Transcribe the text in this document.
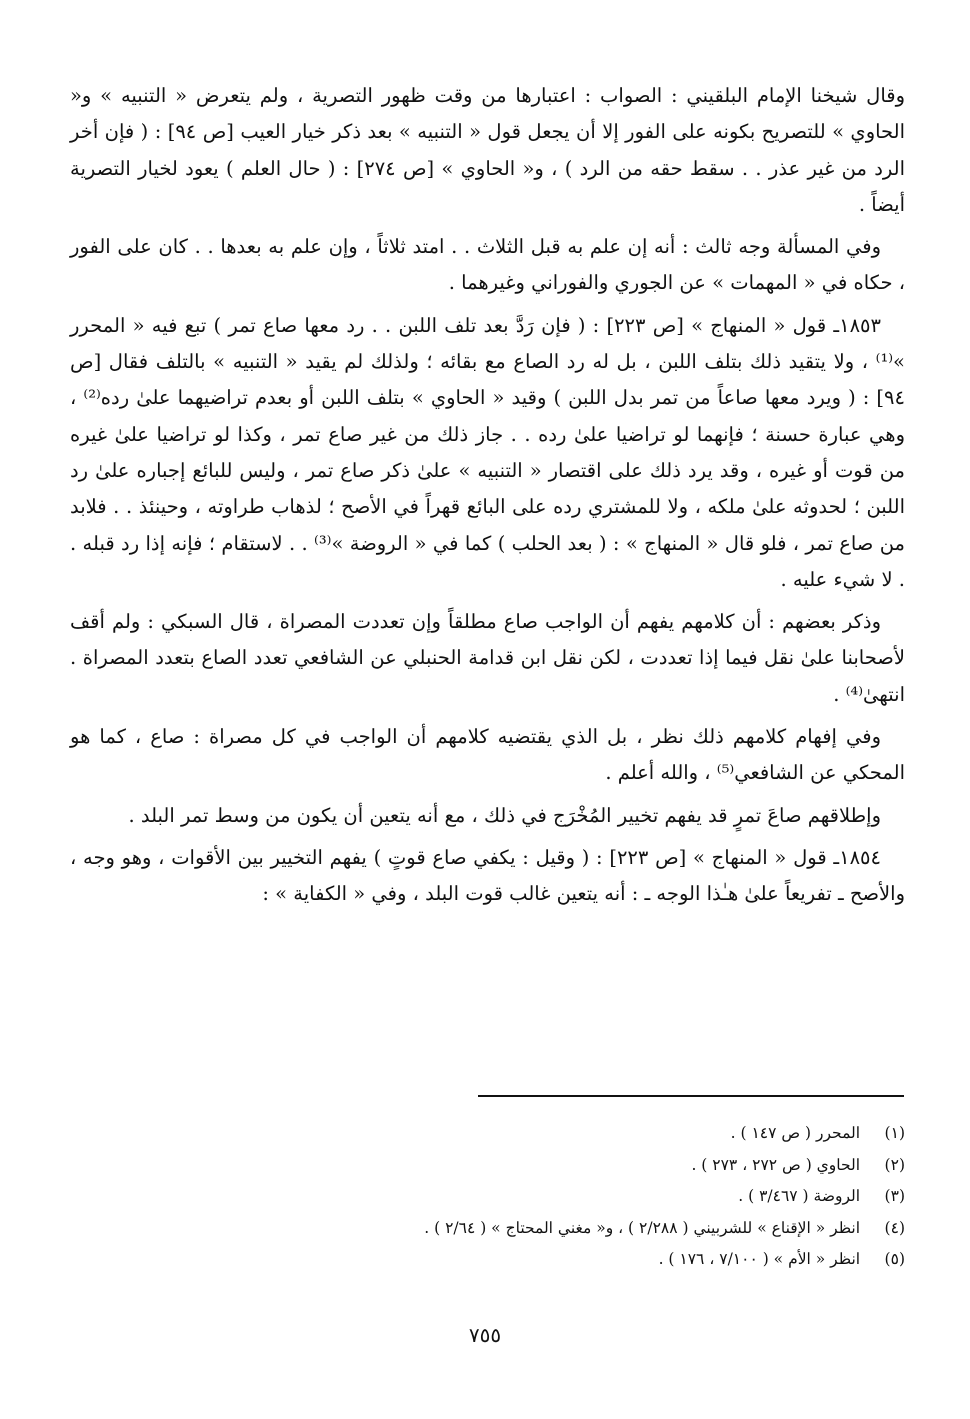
وقال شيخنا الإمام البلقيني : الصواب : اعتبارها من وقت ظهور التصرية ، ولم يتعرض « التنبيه » و« الحاوي » للتصريح بكونه على الفور إلا أن يجعل قول « التنبيه » بعد ذكر خيار العيب [ص ٩٤] : ( فإن أخر الرد من غير عذر . . سقط حقه من الرد ) ، و« الحاوي » [ص ٢٧٤] : ( حال العلم ) يعود لخيار التصرية أيضاً .

وفي المسألة وجه ثالث : أنه إن علم به قبل الثلاث . . امتد ثلاثاً ، وإن علم به بعدها . . كان على الفور ، حكاه في « المهمات » عن الجوري والفوراني وغيرهما .

١٨٥٣ـ قول « المنهاج » [ص ٢٢٣] : ( فإن رَدَّ بعد تلف اللبن . . رد معها صاع تمر ) تبع فيه « المحرر »⁽¹⁾ ، ولا يتقيد ذلك بتلف اللبن ، بل له رد الصاع مع بقائه ؛ ولذلك لم يقيد « التنبيه » بالتلف فقال [ص ٩٤] : ( ويرد معها صاعاً من تمر بدل اللبن ) وقيد « الحاوي » بتلف اللبن أو بعدم تراضيهما علىٰ رده⁽²⁾ ، وهي عبارة حسنة ؛ فإنهما لو تراضيا علىٰ رده . . جاز ذلك من غير صاع تمر ، وكذا لو تراضيا علىٰ غيره من قوت أو غيره ، وقد يرد ذلك على اقتصار « التنبيه » علىٰ ذكر صاع تمر ، وليس للبائع إجباره علىٰ رد اللبن ؛ لحدوثه علىٰ ملكه ، ولا للمشتري رده على البائع قهراً في الأصح ؛ لذهاب طراوته ، وحينئذ . . فلابد من صاع تمر ، فلو قال « المنهاج » : ( بعد الحلب ) كما في « الروضة »⁽³⁾ . . لاستقام ؛ فإنه إذا رد قبله . . لا شيء عليه .

وذكر بعضهم : أن كلامهم يفهم أن الواجب صاع مطلقاً وإن تعددت المصراة ، قال السبكي : ولم أقف لأصحابنا علىٰ نقل فيما إذا تعددت ، لكن نقل ابن قدامة الحنبلي عن الشافعي تعدد الصاع بتعدد المصراة . انتهىٰ⁽⁴⁾ .

وفي إفهام كلامهم ذلك نظر ، بل الذي يقتضيه كلامهم أن الواجب في كل مصراة : صاع ، كما هو المحكي عن الشافعي⁽⁵⁾ ، والله أعلم .

وإطلاقهم صاعَ تمرٍ قد يفهم تخيير المُخْرَج في ذلك ، مع أنه يتعين أن يكون من وسط تمر البلد .

١٨٥٤ـ قول « المنهاج » [ص ٢٢٣] : ( وقيل : يكفي صاع قوتٍ ) يفهم التخيير بين الأقوات ، وهو وجه ، والأصح ـ تفريعاً علىٰ هـٰذا الوجه ـ : أنه يتعين غالب قوت البلد ، وفي « الكفاية » :

(١) المحرر ( ص ١٤٧ ) .
(٢) الحاوي ( ص ٢٧٢ ، ٢٧٣ ) .
(٣) الروضة ( ٣/٤٦٧ ) .
(٤) انظر « الإقناع » للشربيني ( ٢/٢٨٨ ) ، و« مغني المحتاج » ( ٢/٦٤ ) .
(٥) انظر « الأم » ( ٧/١٠٠ ، ١٧٦ ) .
٧٥٥
